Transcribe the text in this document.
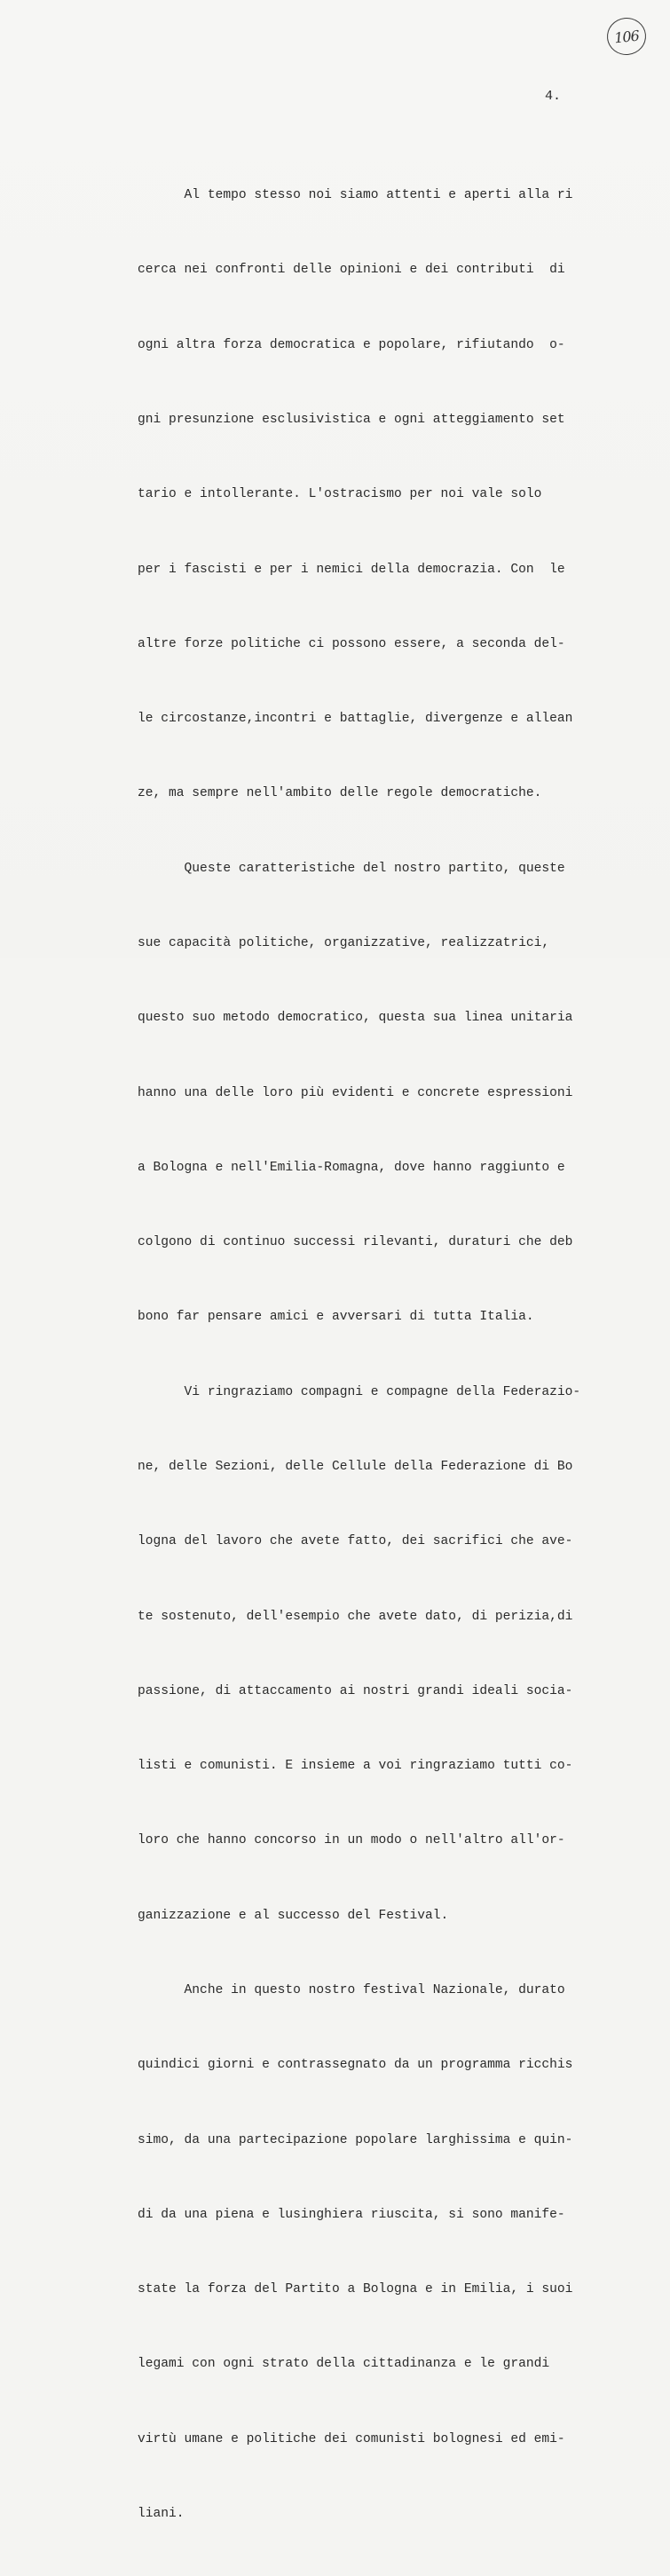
106
4.

Al tempo stesso noi siamo attenti e aperti alla ri

cerca nei confronti delle opinioni e dei contributi  di

ogni altra forza democratica e popolare, rifiutando  o-

gni presunzione esclusivistica e ogni atteggiamento set

tario e intollerante. L'ostracismo per noi vale solo

per i fascisti e per i nemici della democrazia. Con  le

altre forze politiche ci possono essere, a seconda del-

le circostanze,incontri e battaglie, divergenze e allean

ze, ma sempre nell'ambito delle regole democratiche.

Queste caratteristiche del nostro partito, queste

sue capacità politiche, organizzative, realizzatrici,

questo suo metodo democratico, questa sua linea unitaria

hanno una delle loro più evidenti e concrete espressioni

a Bologna e nell'Emilia-Romagna, dove hanno raggiunto e

colgono di continuo successi rilevanti, duraturi che deb

bono far pensare amici e avversari di tutta Italia.

Vi ringraziamo compagni e compagne della Federazio-

ne, delle Sezioni, delle Cellule della Federazione di Bo

logna del lavoro che avete fatto, dei sacrifici che ave-

te sostenuto, dell'esempio che avete dato, di perizia,di

passione, di attaccamento ai nostri grandi ideali socia-

listi e comunisti. E insieme a voi ringraziamo tutti co-

loro che hanno concorso in un modo o nell'altro all'or-

ganizzazione e al successo del Festival.

Anche in questo nostro festival Nazionale, durato

quindici giorni e contrassegnato da un programma ricchis

simo, da una partecipazione popolare larghissima e quin-

di da una piena e lusinghiera riuscita, si sono manife-

state la forza del Partito a Bologna e in Emilia, i suoi

legami con ogni strato della cittadinanza e le grandi

virtù umane e politiche dei comunisti bolognesi ed emi-

liani.
